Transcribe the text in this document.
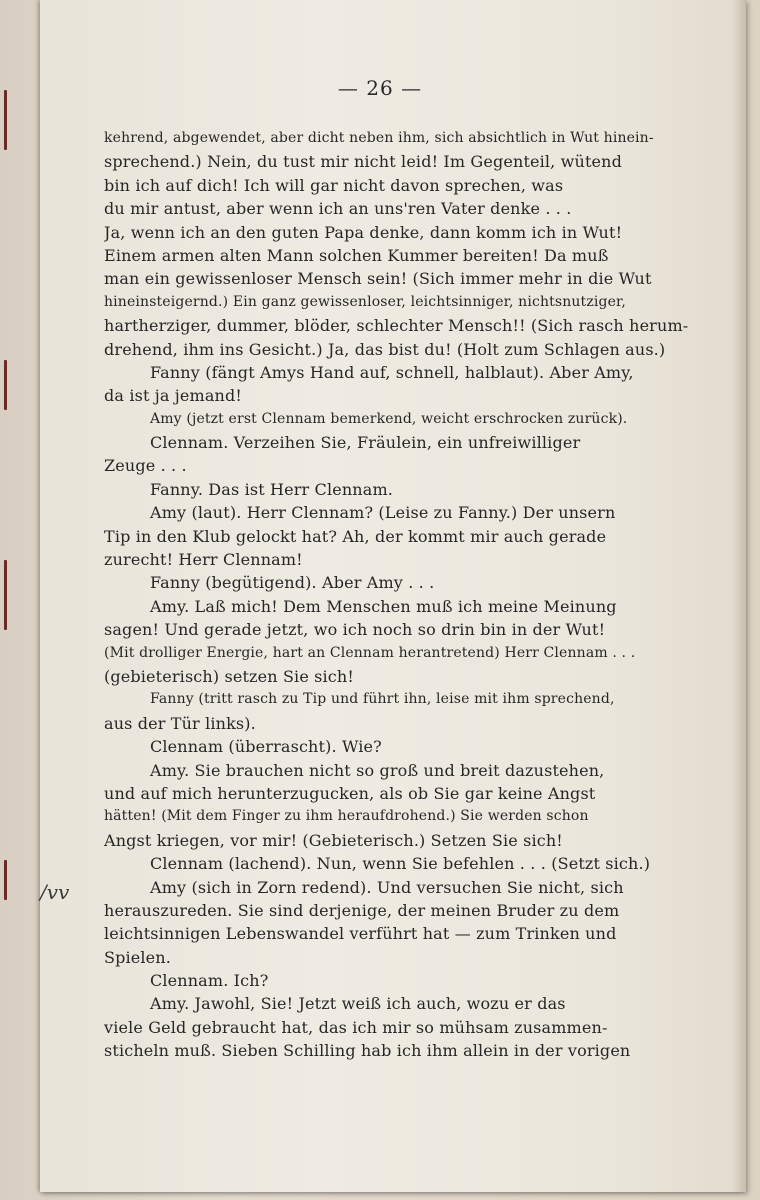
— 26 —
/vv
kehrend, abgewendet, aber dicht neben ihm, sich absichtlich in Wut hinein-
sprechend.) Nein, du tust mir nicht leid! Im Gegenteil, wütend
bin ich auf dich! Ich will gar nicht davon sprechen, was
du mir antust, aber wenn ich an uns'ren Vater denke . . .
Ja, wenn ich an den guten Papa denke, dann komm ich in Wut!
Einem armen alten Mann solchen Kummer bereiten! Da muß
man ein gewissenloser Mensch sein! (Sich immer mehr in die Wut
hineinsteigernd.) Ein ganz gewissenloser, leichtsinniger, nichtsnutziger,
hartherziger, dummer, blöder, schlechter Mensch!! (Sich rasch herum-
drehend, ihm ins Gesicht.) Ja, das bist du! (Holt zum Schlagen aus.)
Fanny (fängt Amys Hand auf, schnell, halblaut). Aber Amy,
da ist ja jemand!
Amy (jetzt erst Clennam bemerkend, weicht erschrocken zurück).
Clennam. Verzeihen Sie, Fräulein, ein unfreiwilliger
Zeuge . . .
Fanny. Das ist Herr Clennam.
Amy (laut). Herr Clennam? (Leise zu Fanny.) Der unsern
Tip in den Klub gelockt hat? Ah, der kommt mir auch gerade
zurecht! Herr Clennam!
Fanny (begütigend). Aber Amy . . .
Amy. Laß mich! Dem Menschen muß ich meine Meinung
sagen! Und gerade jetzt, wo ich noch so drin bin in der Wut!
(Mit drolliger Energie, hart an Clennam herantretend) Herr Clennam . . .
(gebieterisch) setzen Sie sich!
Fanny (tritt rasch zu Tip und führt ihn, leise mit ihm sprechend,
aus der Tür links).
Clennam (überrascht). Wie?
Amy. Sie brauchen nicht so groß und breit dazustehen,
und auf mich herunterzugucken, als ob Sie gar keine Angst
hätten! (Mit dem Finger zu ihm heraufdrohend.) Sie werden schon
Angst kriegen, vor mir! (Gebieterisch.) Setzen Sie sich!
Clennam (lachend). Nun, wenn Sie befehlen . . . (Setzt sich.)
Amy (sich in Zorn redend). Und versuchen Sie nicht, sich
herauszureden. Sie sind derjenige, der meinen Bruder zu dem
leichtsinnigen Lebenswandel verführt hat — zum Trinken und
Spielen.
Clennam. Ich?
Amy. Jawohl, Sie! Jetzt weiß ich auch, wozu er das
viele Geld gebraucht hat, das ich mir so mühsam zusammen-
sticheln muß. Sieben Schilling hab ich ihm allein in der vorigen
